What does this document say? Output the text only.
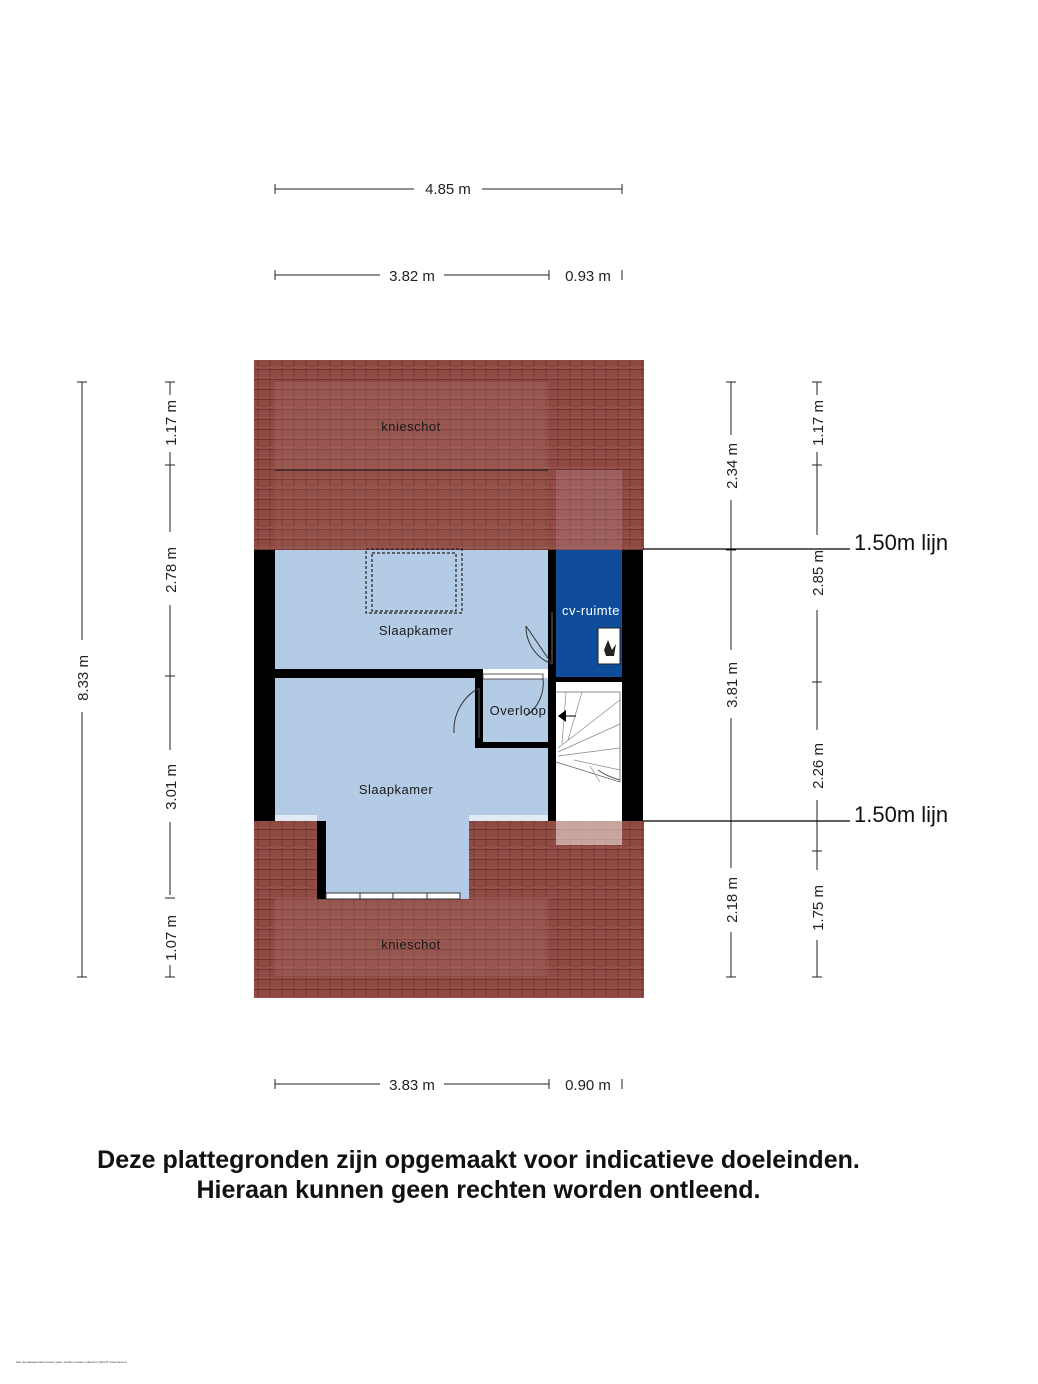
4.85 m
3.82 m	0.93 m
3.83 m	0.90 m
8.33 m
1.17 m
2.78 m
3.01 m
1.07 m
2.34 m
3.81 m
2.18 m
1.17 m
2.85 m
2.26 m
1.75 m
1.50m lijn
1.50m lijn
knieschot
Slaapkamer
cv-ruimte
Overloop
Slaapkamer
knieschot
Deze plattegronden zijn opgemaakt voor indicatieve doeleinden.
Hieraan kunnen geen rechten worden ontleend.
Aan de plattegronden kunnen geen rechten worden ontleend | Ziezo® www.ziezo.nl
